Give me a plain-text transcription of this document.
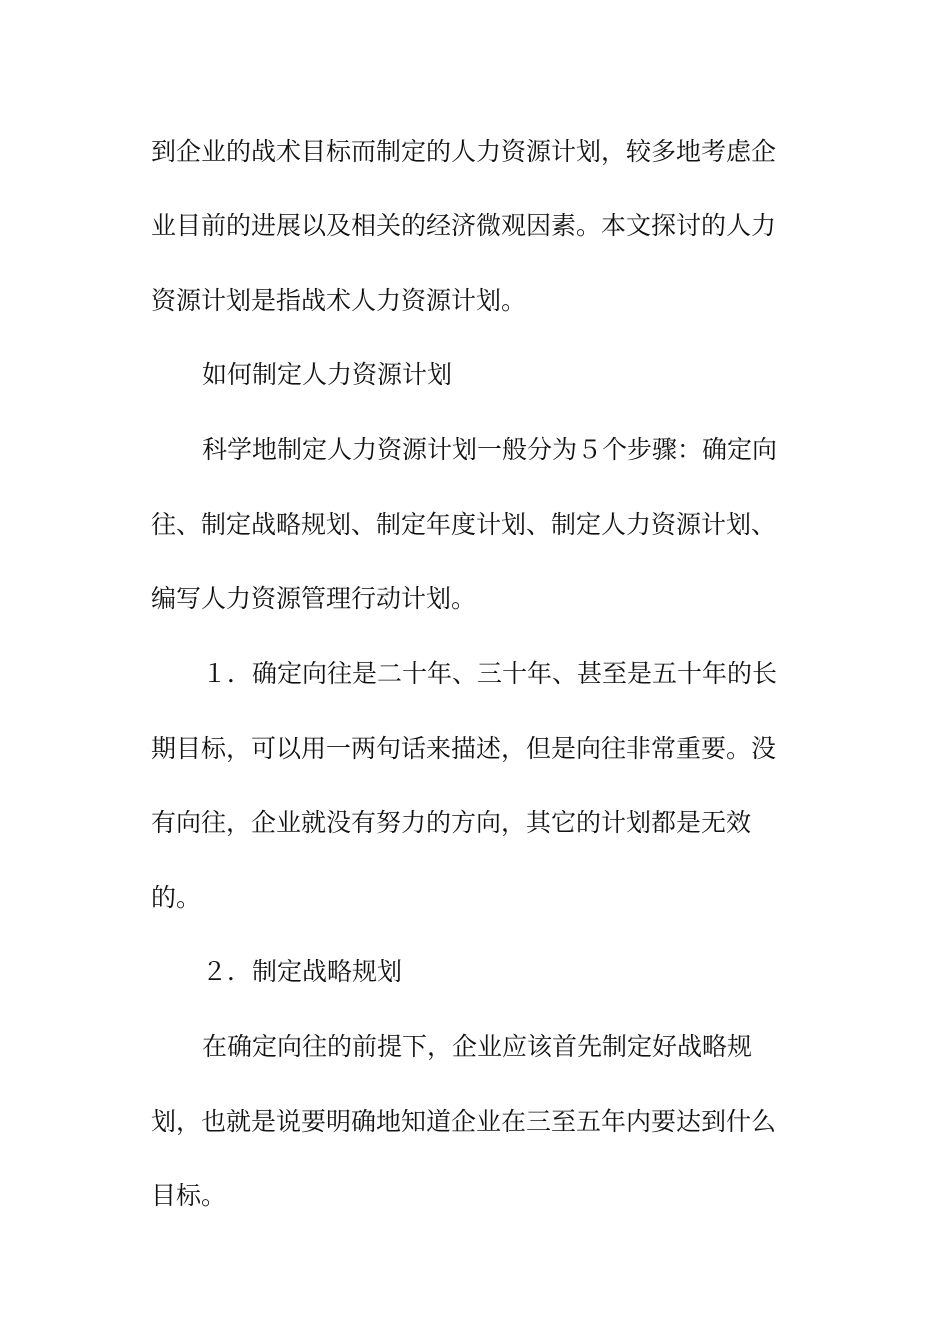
到企业的战术目标而制定的人力资源计划，较多地考虑企
业目前的进展以及相关的经济微观因素。本文探讨的人力
资源计划是指战术人力资源计划。
如何制定人力资源计划
科学地制定人力资源计划一般分为５个步骤：确定向
往、制定战略规划、制定年度计划、制定人力资源计划、
编写人力资源管理行动计划。
１．确定向往是二十年、三十年、甚至是五十年的长
期目标，可以用一两句话来描述，但是向往非常重要。没
有向往，企业就没有努力的方向，其它的计划都是无效
的。
２．制定战略规划
在确定向往的前提下，企业应该首先制定好战略规
划，也就是说要明确地知道企业在三至五年内要达到什么
目标。
